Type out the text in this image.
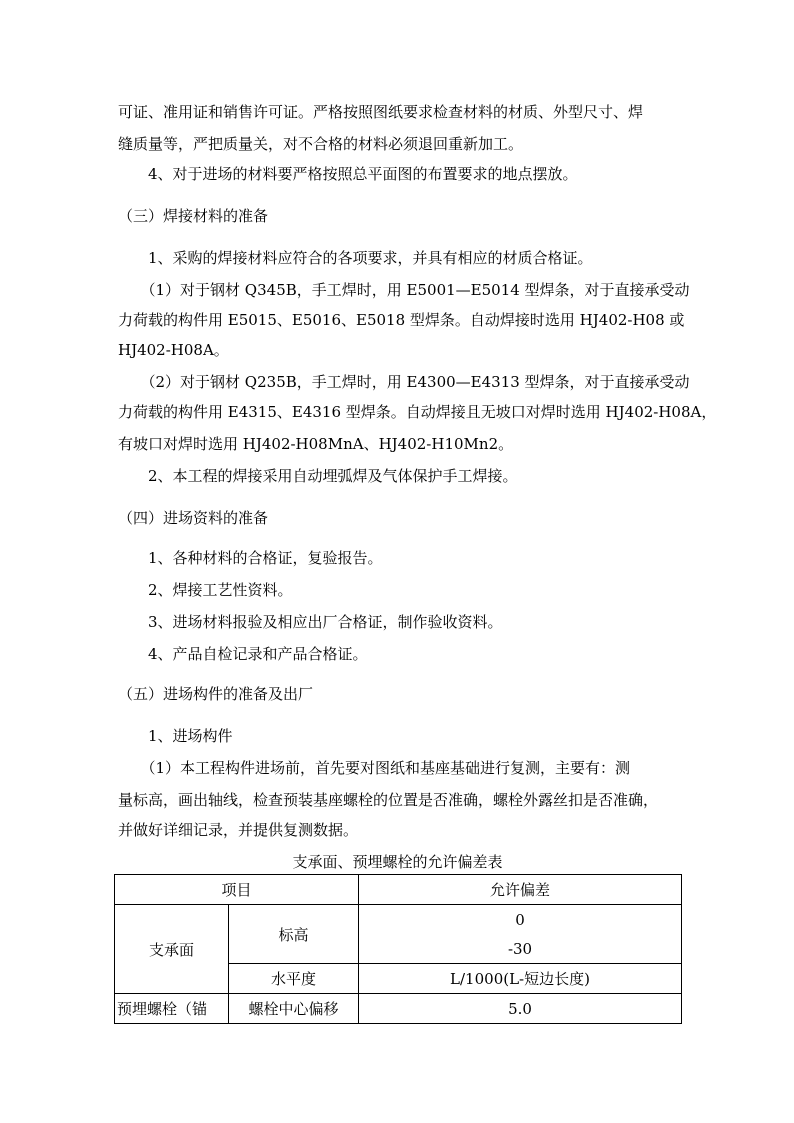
可证、准用证和销售许可证。严格按照图纸要求检查材料的材质、外型尺寸、焊
缝质量等，严把质量关，对不合格的材料必须退回重新加工。
　　4、对于进场的材料要严格按照总平面图的布置要求的地点摆放。
（三）焊接材料的准备
　　1、采购的焊接材料应符合的各项要求，并具有相应的材质合格证。
　　（1）对于钢材 Q345B，手工焊时，用 E5001—E5014 型焊条，对于直接承受动
力荷载的构件用 E5015、E5016、E5018 型焊条。自动焊接时选用 HJ402-H08 或
HJ402-H08A。
　　（2）对于钢材 Q235B，手工焊时，用 E4300—E4313 型焊条，对于直接承受动
力荷载的构件用 E4315、E4316 型焊条。自动焊接且无坡口对焊时选用 HJ402-H08A，
有坡口对焊时选用 HJ402-H08MnA、HJ402-H10Mn2。
　　2、本工程的焊接采用自动埋弧焊及气体保护手工焊接。
（四）进场资料的准备
　　1、各种材料的合格证，复验报告。
　　2、焊接工艺性资料。
　　3、进场材料报验及相应出厂合格证，制作验收资料。
　　4、产品自检记录和产品合格证。
（五）进场构件的准备及出厂
　　1、进场构件
　　（1）本工程构件进场前，首先要对图纸和基座基础进行复测，主要有：测
量标高，画出轴线，检查预装基座螺栓的位置是否准确，螺栓外露丝扣是否准确，
并做好详细记录，并提供复测数据。
支承面、预埋螺栓的允许偏差表
项目		允许偏差
支承面	标高	0
		-30
	水平度	L/1000(L-短边长度)
预埋螺栓（锚	螺栓中心偏移	5.0
